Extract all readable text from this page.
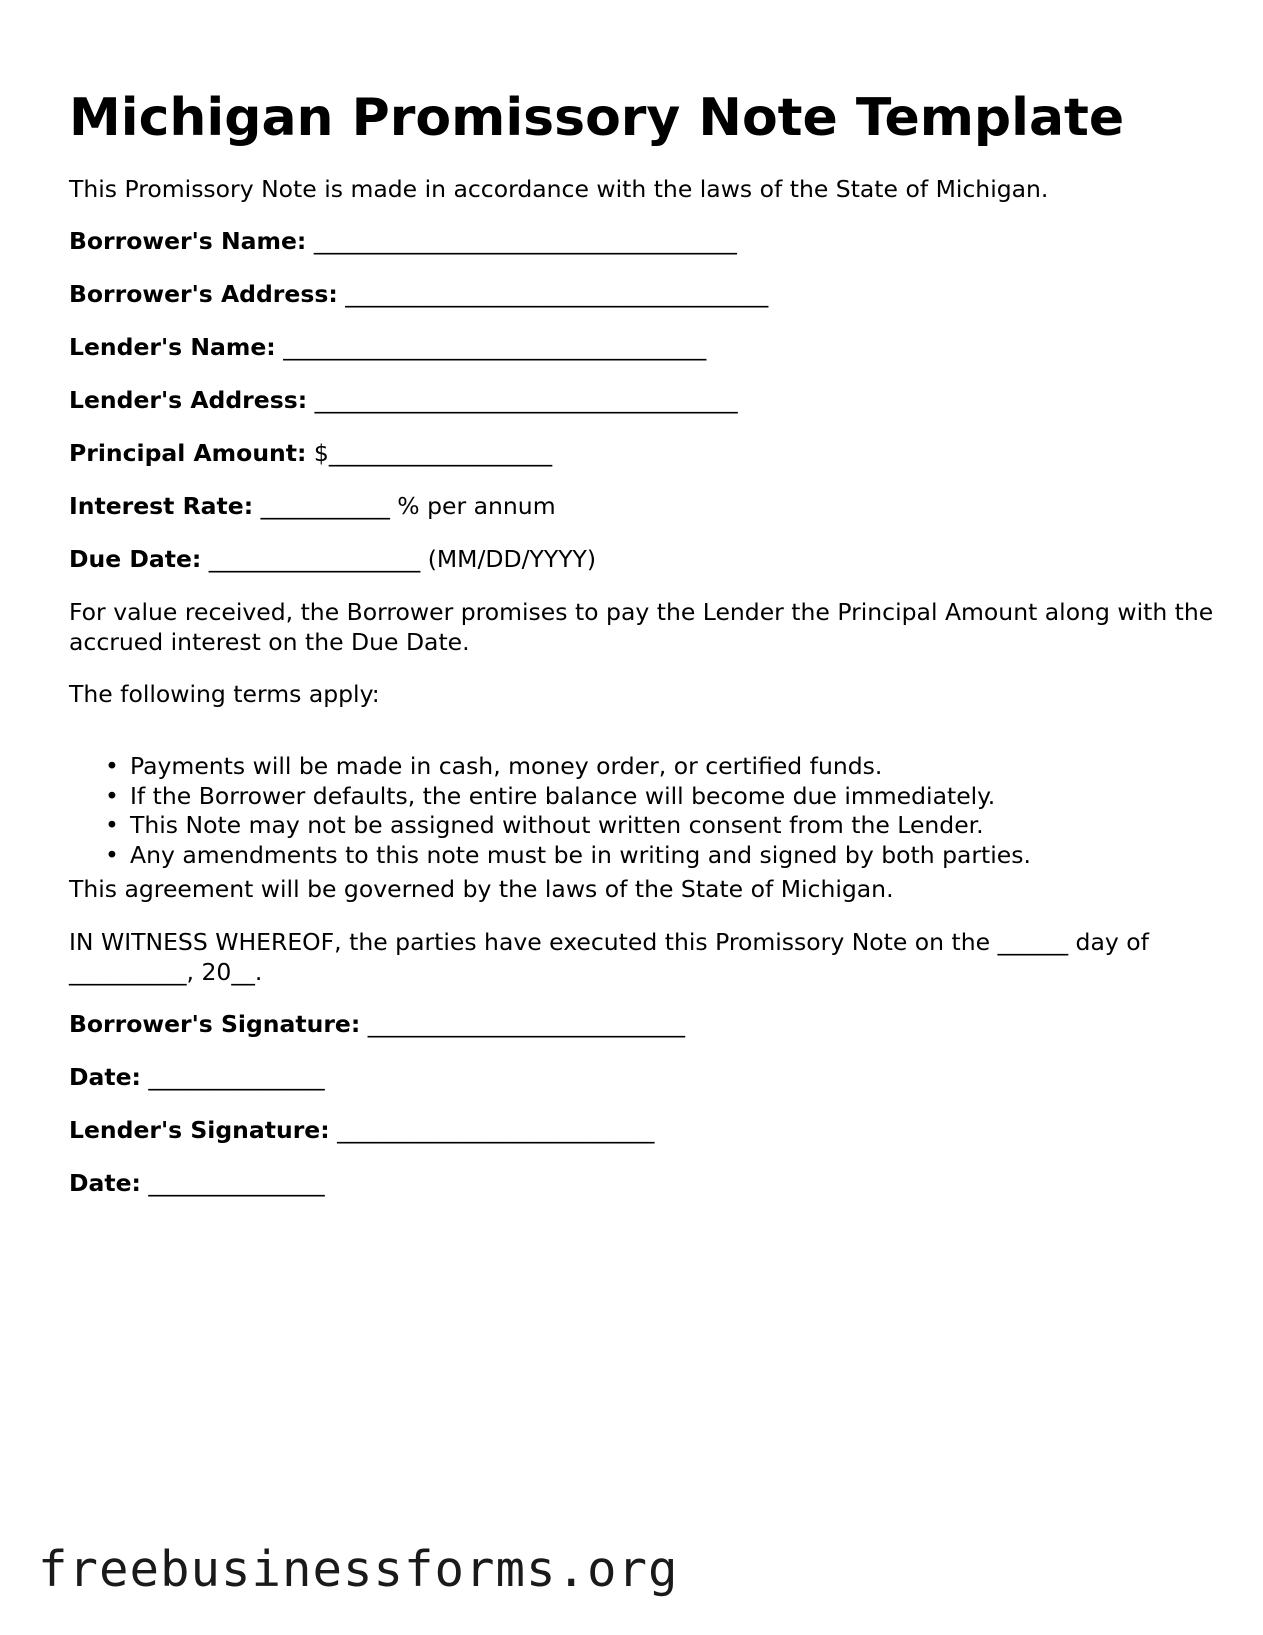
Michigan Promissory Note Template

This Promissory Note is made in accordance with the laws of the State of Michigan.

Borrower's Name: ____________________________________

Borrower's Address: ____________________________________

Lender's Name: ____________________________________

Lender's Address: ____________________________________

Principal Amount: $___________________

Interest Rate: ___________ % per annum

Due Date: __________________ (MM/DD/YYYY)

For value received, the Borrower promises to pay the Lender the Principal Amount along with the accrued interest on the Due Date.

The following terms apply:

• Payments will be made in cash, money order, or certified funds.
• If the Borrower defaults, the entire balance will become due immediately.
• This Note may not be assigned without written consent from the Lender.
• Any amendments to this note must be in writing and signed by both parties.

This agreement will be governed by the laws of the State of Michigan.

IN WITNESS WHEREOF, the parties have executed this Promissory Note on the ______ day of __________, 20__.

Borrower's Signature: ___________________________

Date: _______________

Lender's Signature: ___________________________

Date: _______________

freebusinessforms.org
